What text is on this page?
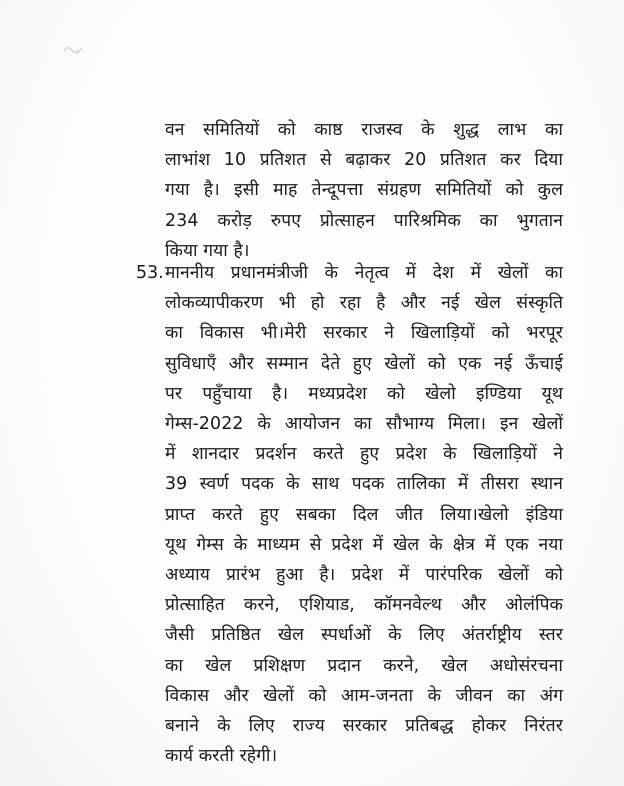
वन समितियों को काष्ठ राजस्व के शुद्ध लाभ का
लाभांश 10 प्रतिशत से बढ़ाकर 20 प्रतिशत कर दिया
गया है। इसी माह तेन्दूपत्ता संग्रहण समितियों को कुल
234 करोड़ रुपए प्रोत्साहन पारिश्रमिक का भुगतान
किया गया है।
53. माननीय प्रधानमंत्रीजी के नेतृत्व में देश में खेलों का
लोकव्यापीकरण भी हो रहा है और नई खेल संस्कृति
का विकास भी।मेरी सरकार ने खिलाड़ियों को भरपूर
सुविधाएँ और सम्मान देते हुए खेलों को एक नई ऊँचाई
पर पहुँचाया है। मध्यप्रदेश को खेलो इण्डिया यूथ
गेम्स-2022 के आयोजन का सौभाग्य मिला। इन खेलों
में शानदार प्रदर्शन करते हुए प्रदेश के खिलाड़ियों ने
39 स्वर्ण पदक के साथ पदक तालिका में तीसरा स्थान
प्राप्त करते हुए सबका दिल जीत लिया।खेलो इंडिया
यूथ गेम्स के माध्यम से प्रदेश में खेल के क्षेत्र में एक नया
अध्याय प्रारंभ हुआ है। प्रदेश में पारंपरिक खेलों को
प्रोत्साहित करने, एशियाड, कॉमनवेल्थ और ओलंपिक
जैसी प्रतिष्ठित खेल स्पर्धाओं के लिए अंतर्राष्ट्रीय स्तर
का खेल प्रशिक्षण प्रदान करने, खेल अधोसंरचना
विकास और खेलों को आम-जनता के जीवन का अंग
बनाने के लिए राज्य सरकार प्रतिबद्ध होकर निरंतर
कार्य करती रहेगी।
